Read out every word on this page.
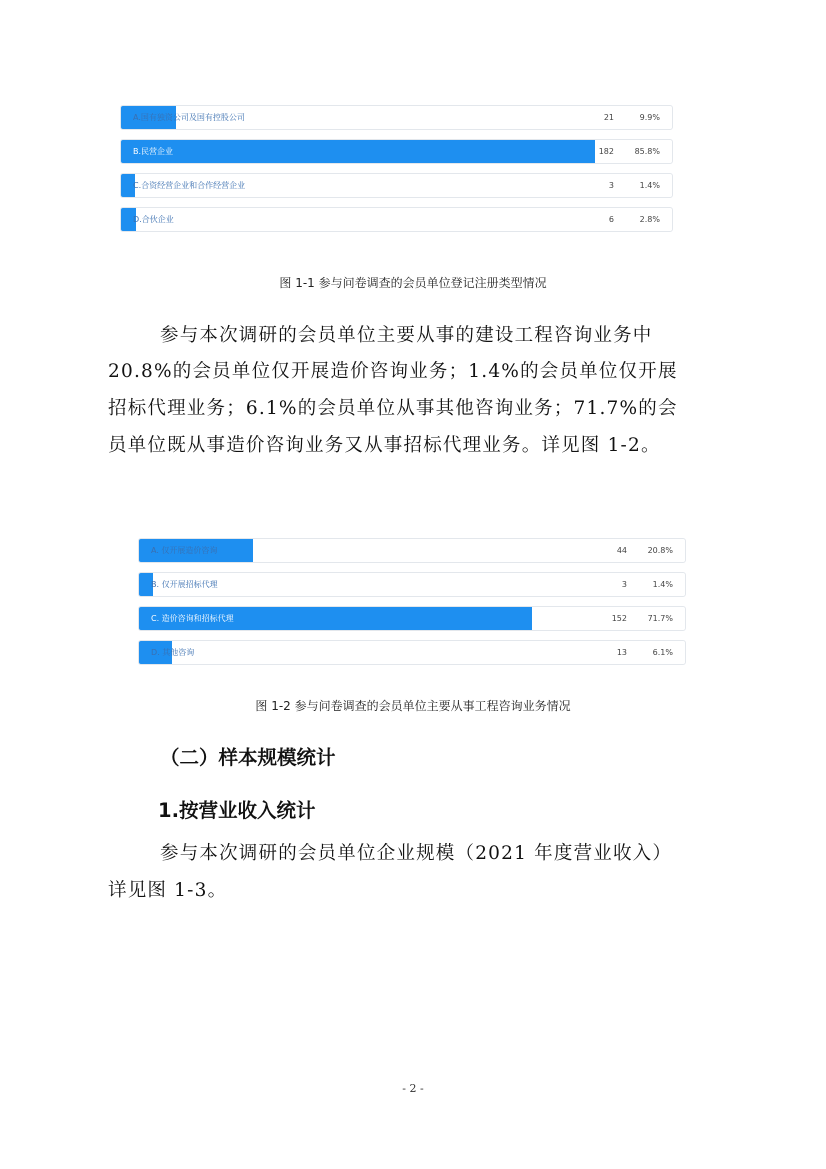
A.国有独资公司及国有控股公司	21	9.9%
B.民营企业	182	85.8%
C.合资经营企业和合作经营企业	3	1.4%
D.合伙企业	6	2.8%
图 1-1 参与问卷调查的会员单位登记注册类型情况
参与本次调研的会员单位主要从事的建设工程咨询业务中
20.8%的会员单位仅开展造价咨询业务；1.4%的会员单位仅开展
招标代理业务；6.1%的会员单位从事其他咨询业务；71.7%的会
员单位既从事造价咨询业务又从事招标代理业务。详见图 1-2。
A. 仅开展造价咨询	44	20.8%
B. 仅开展招标代理	3	1.4%
C. 造价咨询和招标代理	152	71.7%
D. 其他咨询	13	6.1%
图 1-2 参与问卷调查的会员单位主要从事工程咨询业务情况
（二）样本规模统计
1.按营业收入统计
参与本次调研的会员单位企业规模（2021 年度营业收入）
详见图 1-3。
- 2 -
